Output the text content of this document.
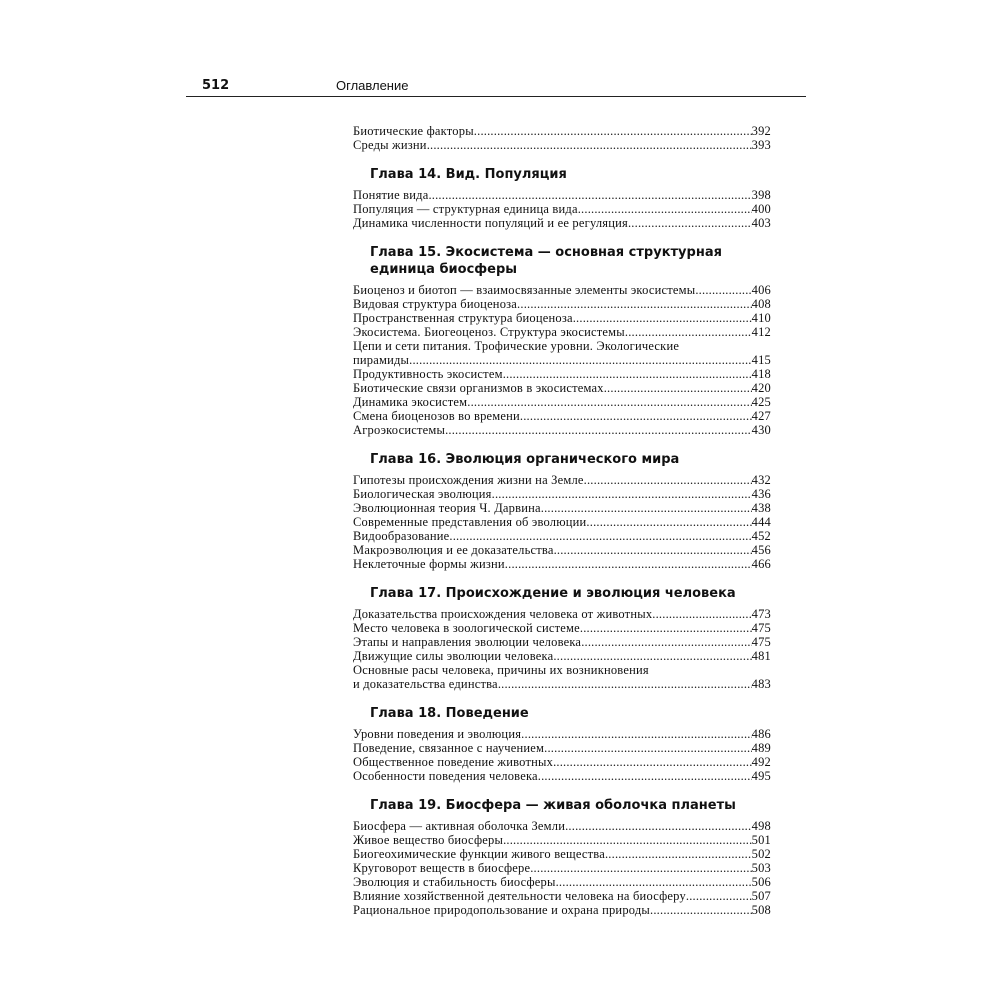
512	Оглавление
Биотические факторы .....	392
Среды жизни .....	393
Глава 14. Вид. Популяция
Понятие вида .....	398
Популяция — структурная единица вида .....	400
Динамика численности популяций и ее регуляция .....	403
Глава 15. Экосистема — основная структурная
единица биосферы
Биоценоз и биотоп — взаимосвязанные элементы экосистемы .....	406
Видовая структура биоценоза .....	408
Пространственная структура биоценоза .....	410
Экосистема. Биогеоценоз. Структура экосистемы .....	412
Цепи и сети питания. Трофические уровни. Экологические
пирамиды .....	415
Продуктивность экосистем .....	418
Биотические связи организмов в экосистемах .....	420
Динамика экосистем .....	425
Смена биоценозов во времени .....	427
Агроэкосистемы .....	430
Глава 16. Эволюция органического мира
Гипотезы происхождения жизни на Земле .....	432
Биологическая эволюция .....	436
Эволюционная теория Ч. Дарвина .....	438
Современные представления об эволюции .....	444
Видообразование .....	452
Макроэволюция и ее доказательства .....	456
Неклеточные формы жизни .....	466
Глава 17. Происхождение и эволюция человека
Доказательства происхождения человека от животных .....	473
Место человека в зоологической системе .....	475
Этапы и направления эволюции человека .....	475
Движущие силы эволюции человека .....	481
Основные расы человека, причины их возникновения
и доказательства единства .....	483
Глава 18. Поведение
Уровни поведения и эволюция .....	486
Поведение, связанное с научением .....	489
Общественное поведение животных .....	492
Особенности поведения человека .....	495
Глава 19. Биосфера — живая оболочка планеты
Биосфера — активная оболочка Земли .....	498
Живое вещество биосферы .....	501
Биогеохимические функции живого вещества .....	502
Круговорот веществ в биосфере .....	503
Эволюция и стабильность биосферы .....	506
Влияние хозяйственной деятельности человека на биосферу .....	507
Рациональное природопользование и охрана природы .....	508
